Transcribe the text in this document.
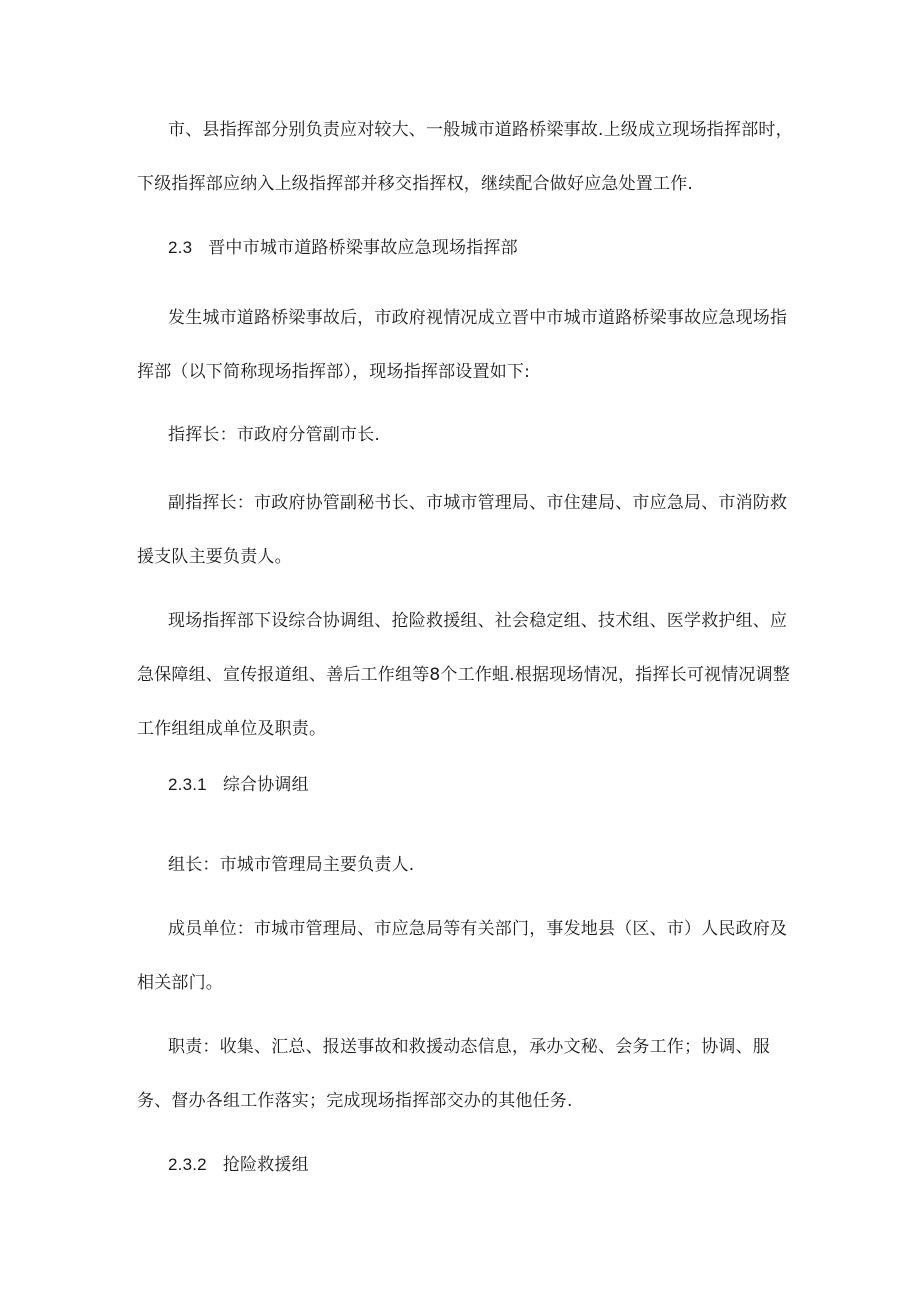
市、县指挥部分别负责应对较大、一般城市道路桥梁事故.上级成立现场指挥部时，
下级指挥部应纳入上级指挥部并移交指挥权，继续配合做好应急处置工作.
2.3 晋中市城市道路桥梁事故应急现场指挥部
发生城市道路桥梁事故后，市政府视情况成立晋中市城市道路桥梁事故应急现场指
挥部（以下简称现场指挥部），现场指挥部设置如下:
指挥长：市政府分管副市长.
副指挥长：市政府协管副秘书长、市城市管理局、市住建局、市应急局、市消防救
援支队主要负责人。
现场指挥部下设综合协调组、抢险救援组、社会稳定组、技术组、医学救护组、应
急保障组、宣传报道组、善后工作组等8个工作蛆.根据现场情况，指挥长可视情况调整
工作组组成单位及职责。
2.3.1 综合协调组
组长：市城市管理局主要负责人.
成员单位：市城市管理局、市应急局等有关部门，事发地县（区、市）人民政府及
相关部门。
职责：收集、汇总、报送事故和救援动态信息，承办文秘、会务工作；协调、服
务、督办各组工作落实；完成现场指挥部交办的其他任务.
2.3.2 抢险救援组
